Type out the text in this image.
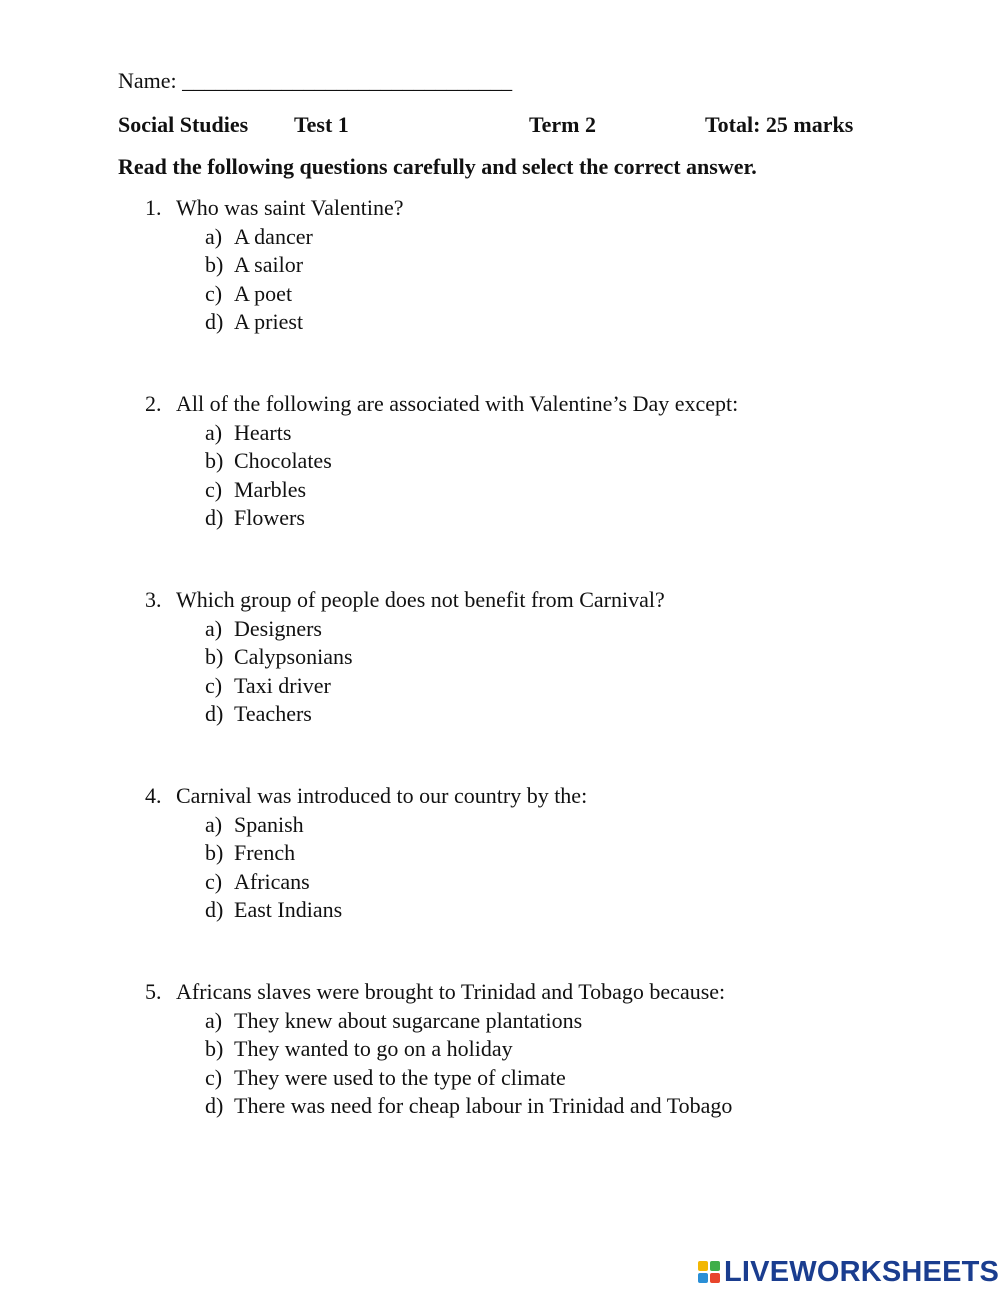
Name: ______________________________
Social Studies Test 1	Term 2	Total: 25 marks
Read the following questions carefully and select the correct answer.
1. Who was saint Valentine?
a) A dancer
b) A sailor
c) A poet
d) A priest
2. All of the following are associated with Valentine’s Day except:
a) Hearts
b) Chocolates
c) Marbles
d) Flowers
3. Which group of people does not benefit from Carnival?
a) Designers
b) Calypsonians
c) Taxi driver
d) Teachers
4. Carnival was introduced to our country by the:
a) Spanish
b) French
c) Africans
d) East Indians
5. Africans slaves were brought to Trinidad and Tobago because:
a) They knew about sugarcane plantations
b) They wanted to go on a holiday
c) They were used to the type of climate
d) There was need for cheap labour in Trinidad and Tobago
LIVEWORKSHEETS
